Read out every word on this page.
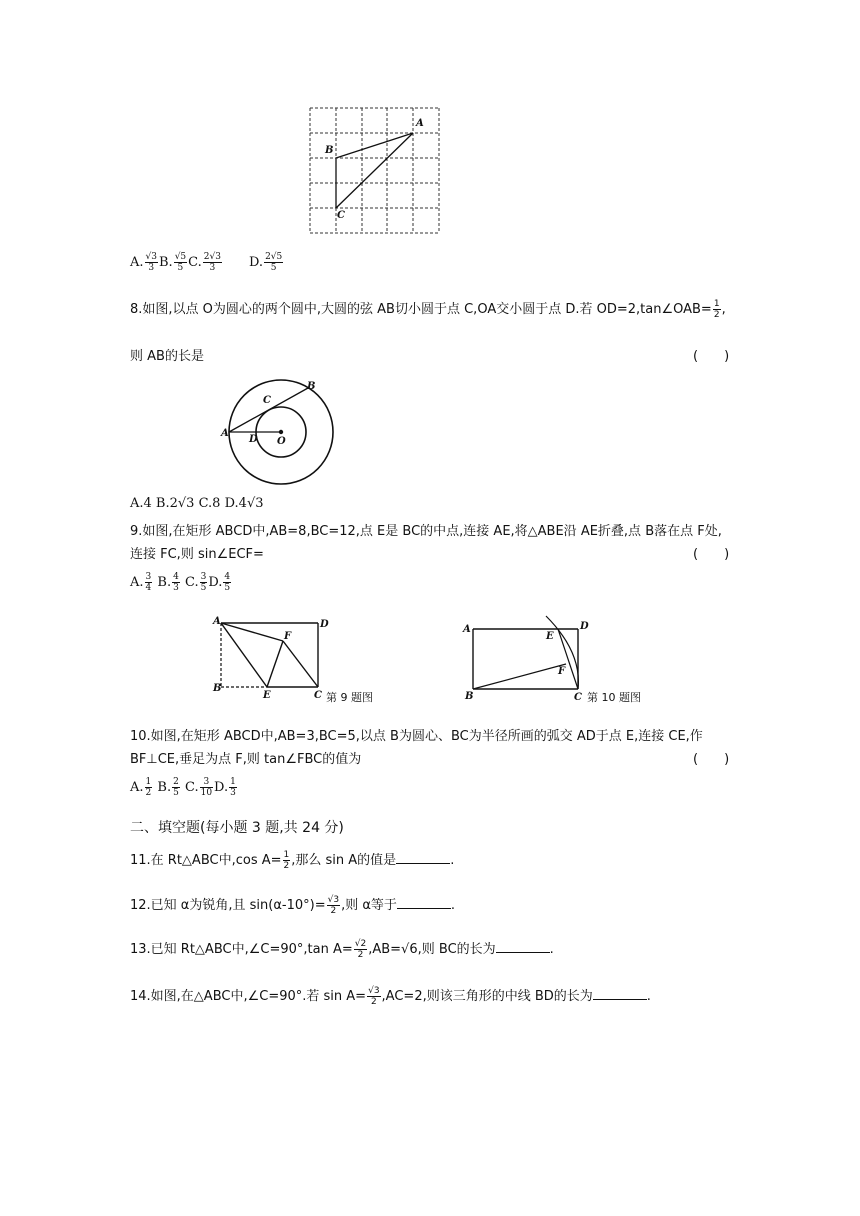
A
B
C
A. $\frac{√3}{3} B$. $\frac{√5}{5} C$. $\frac{2√3}{3} D$. $\frac{2√5}{5}$
8.如图,以点 O为圆心的两个圆中,大圆的弦 AB切小圆于点 C,OA交小圆于点 D.若 OD=2,tan∠OAB= $\frac{1}{2}$ ,
则 AB的长是	(　　)
A
B
C
D O
A.4 B.2√3 C.8 D.4√3
9.如图,在矩形 ABCD中,AB=8,BC=12,点 E是 BC的中点,连接 AE,将△ABE沿 AE折叠,点 B落在点 F处,
连接 FC,则 sin∠ECF=	(　　)
A. $\frac{3}{4} B$. $\frac{4}{3} C$. $\frac{3}{5} D$. $\frac{4}{5}$
A	D
F
B
E	C 第 9 题图
A
E
D
F
B	C 第 10 题图
10.如图,在矩形 ABCD中,AB=3,BC=5,以点 B为圆心、BC为半径所画的弧交 AD于点 E,连接 CE,作
BF⊥CE,垂足为点 F,则 tan∠FBC的值为	(　　)
A. $\frac{1}{2} B$. $\frac{2}{5} C$. $\frac{3}{10} D$. $\frac{1}{3}$
二、填空题(每小题 3 题,共 24 分)
11.在 Rt△ABC中,cos $A= \frac{1}{2}$ ,那么 sin A的值是	.
12.已知 α为锐角,且 $\sin(\alpha-10^\circ)= \frac{√3}{2}$ ,则 α等于	.
13.已知 Rt△ABC中,∠C=90°,tan $A= \frac{√2}{2} ,AB=√6$,则 BC的长为	.
14.如图,在△ABC中,∠C=90°.若 $\sin A= \frac{√3}{2} ,AC=2$,则该三角形的中线 BD的长为	.
